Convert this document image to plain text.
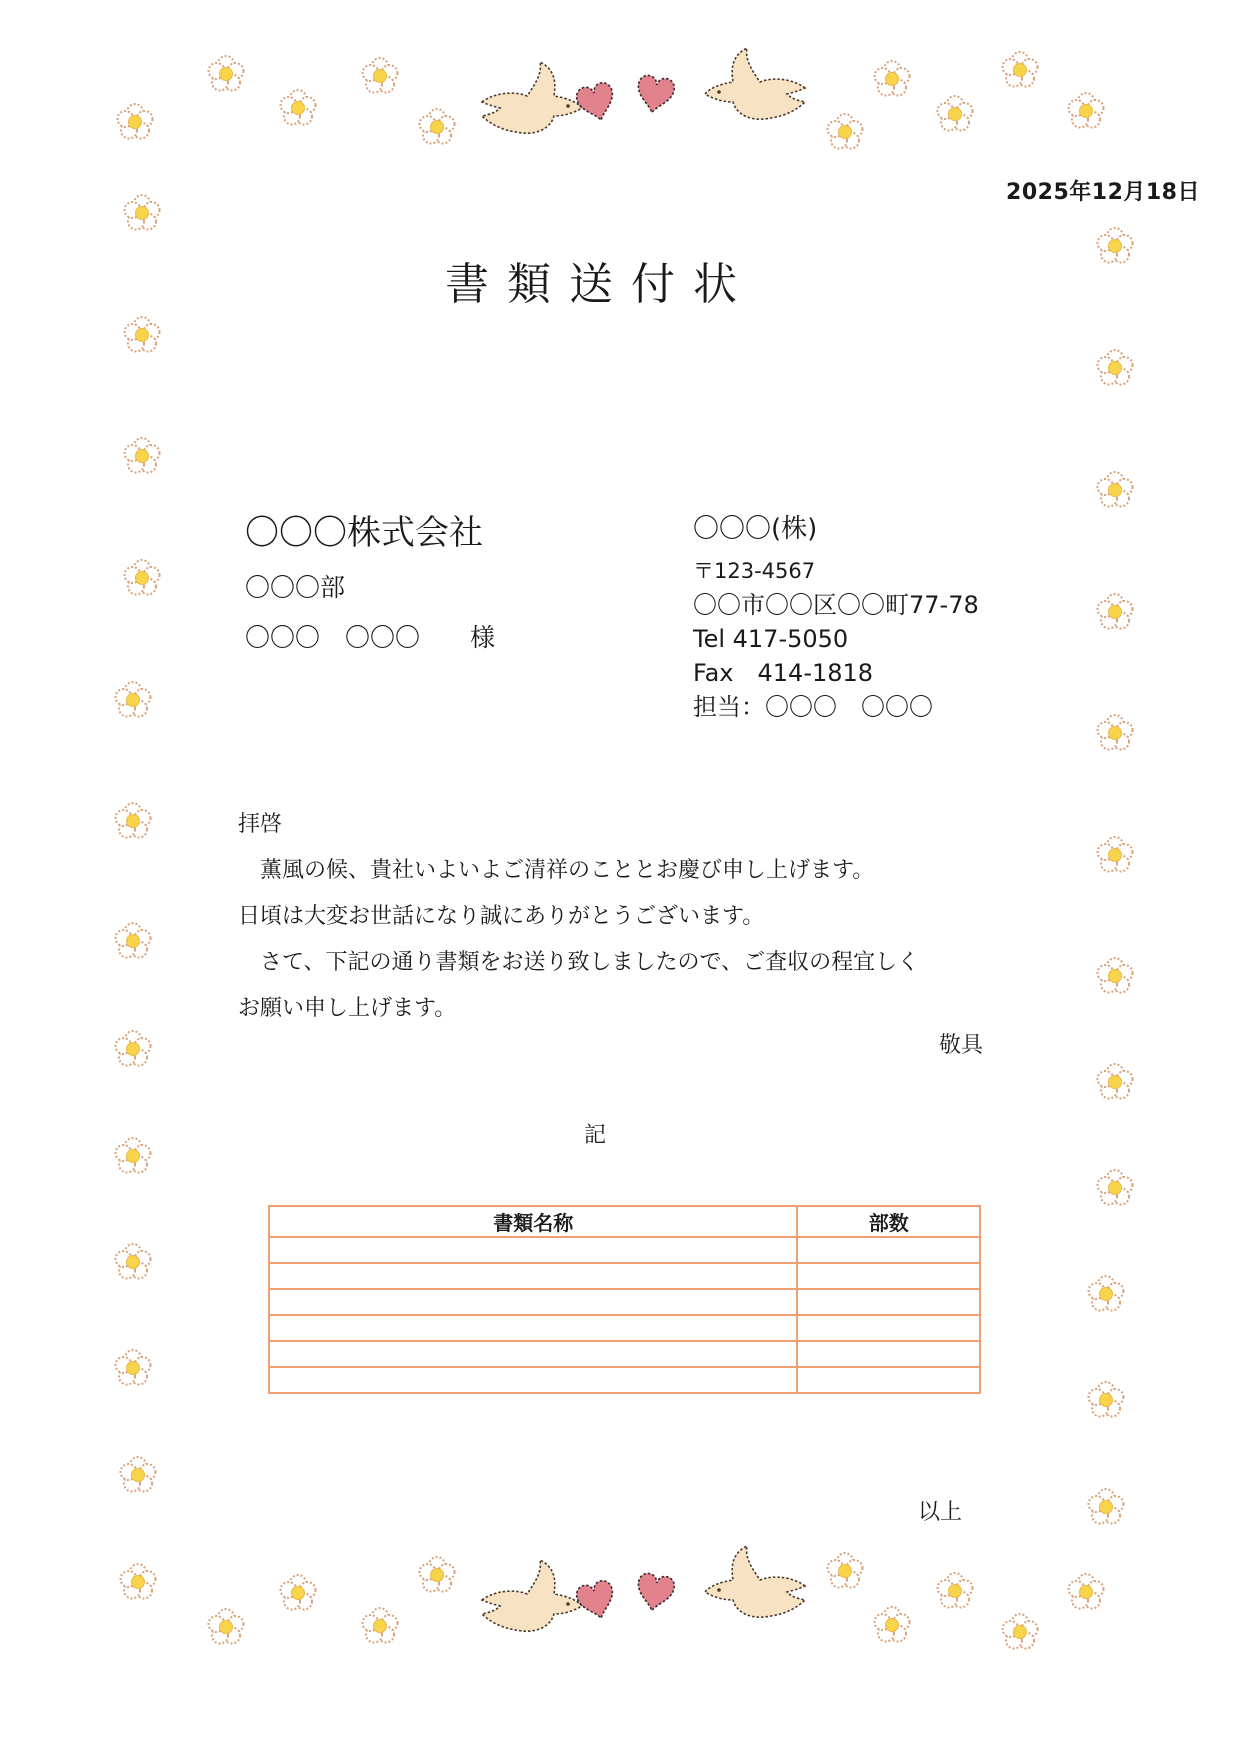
2025年12月18日
書類送付状
〇〇〇株式会社
〇〇〇部
〇〇〇　〇〇〇　　様
〇〇〇(株)
〒123-4567
〇〇市〇〇区〇〇町77-78
Tel 417-5050
Fax　414-1818
担当：〇〇〇　〇〇〇

拝啓

　薫風の候、貴社いよいよご清祥のこととお慶び申し上げます。

日頃は大変お世話になり誠にありがとうございます。

　さて、下記の通り書類をお送り致しましたので、ご査収の程宜しく

お願い申し上げます。

敬具
記
書類名称	部数

以上
